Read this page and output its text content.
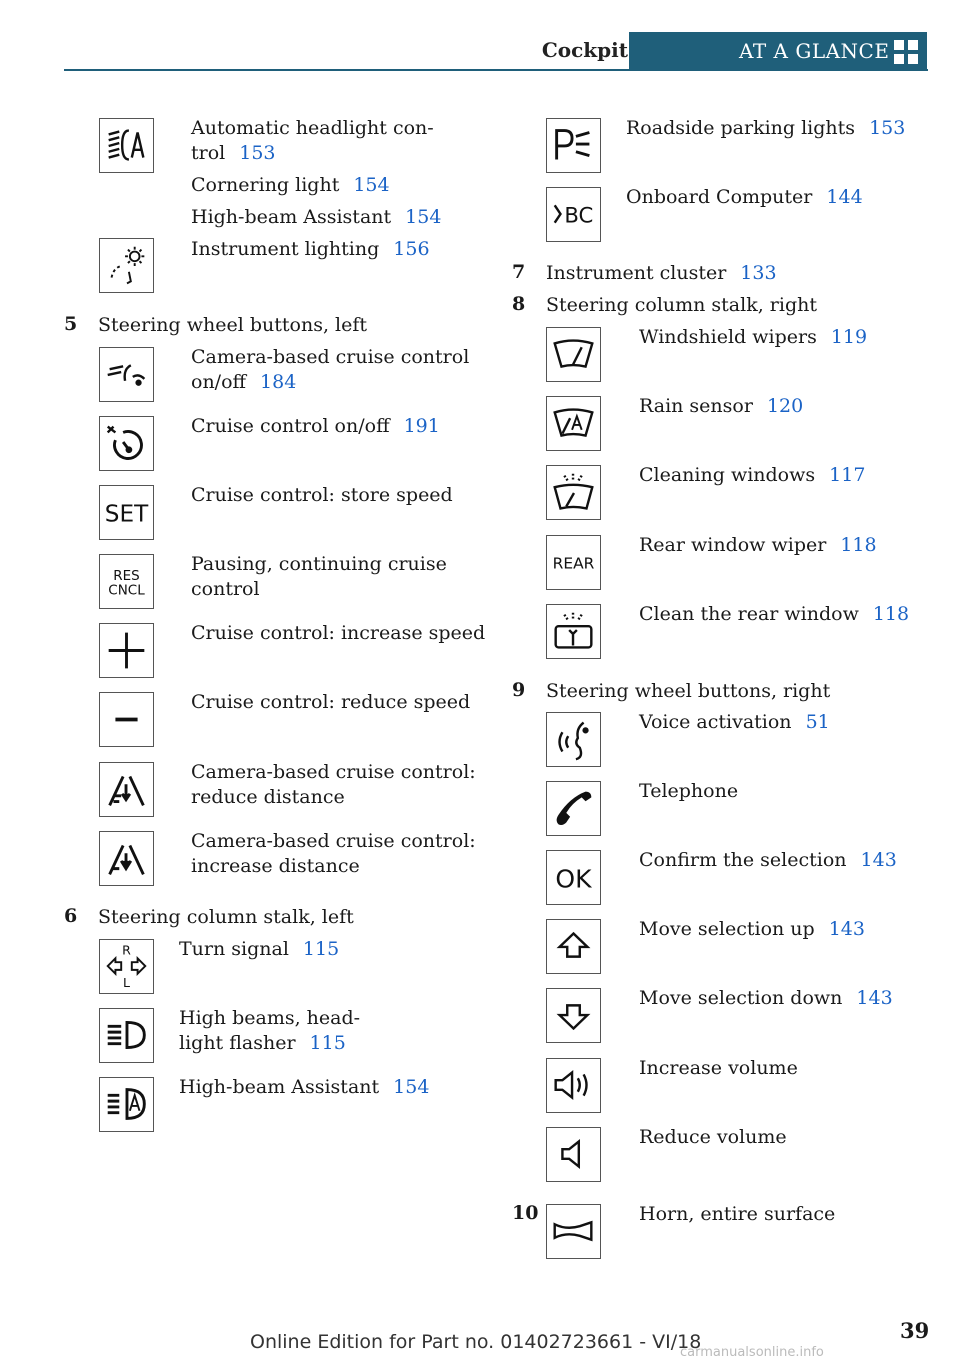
Cockpit	AT A GLANCE
Automatic headlight con-
trol 153
Cornering light 154
High-beam Assistant 154
Instrument lighting 156
5 Steering wheel buttons, left
Camera-based cruise control
on/off 184
Cruise control on/off 191
SET
Cruise control: store speed
RES
CNCL
Pausing, continuing cruise
control
Cruise control: increase speed
Cruise control: reduce speed
Camera-based cruise control:
reduce distance
Camera-based cruise control:
increase distance
6 Steering column stalk, left
R
L
Turn signal 115
High beams, head-
light flasher 115
High-beam Assistant 154
Roadside parking lights 153
BC
Onboard Computer 144
7 Instrument cluster 133
8 Steering column stalk, right
Windshield wipers 119
Rain sensor 120
Cleaning windows 117
REAR
Rear window wiper 118
Clean the rear window 118
9 Steering wheel buttons, right
Voice activation 51
Telephone
OK
Confirm the selection 143
Move selection up 143
Move selection down 143
Increase volume
Reduce volume
10	Horn, entire surface
Online Edition for Part no. 01402723661 - VI/18	39
carmanualsonline.info
